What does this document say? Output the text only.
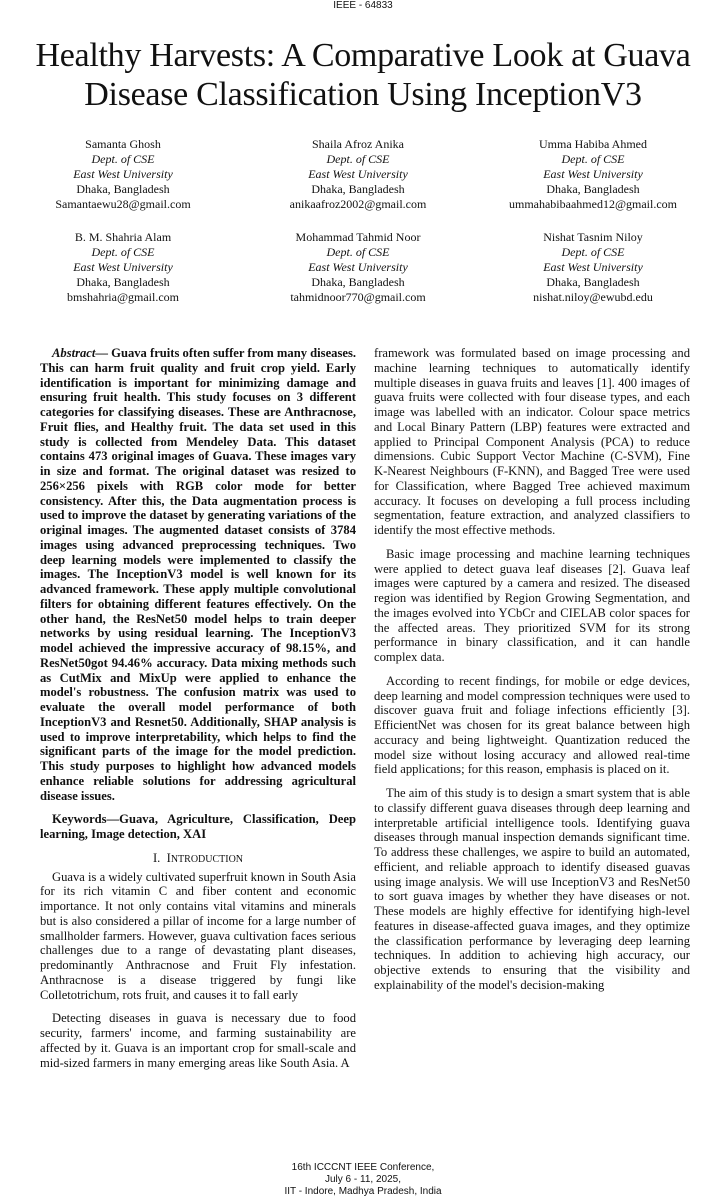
IEEE - 64833
Healthy Harvests: A Comparative Look at Guava Disease Classification Using InceptionV3
Samanta Ghosh
Dept. of CSE
East West University
Dhaka, Bangladesh
Samantaewu28@gmail.com
Shaila Afroz Anika
Dept. of CSE
East West University
Dhaka, Bangladesh
anikaafroz2002@gmail.com
Umma Habiba Ahmed
Dept. of CSE
East West University
Dhaka, Bangladesh
ummahabibaahmed12@gmail.com
B. M. Shahria Alam
Dept. of CSE
East West University
Dhaka, Bangladesh
bmshahria@gmail.com
Mohammad Tahmid Noor
Dept. of CSE
East West University
Dhaka, Bangladesh
tahmidnoor770@gmail.com
Nishat Tasnim Niloy
Dept. of CSE
East West University
Dhaka, Bangladesh
nishat.niloy@ewubd.edu

Abstract— Guava fruits often suffer from many diseases. This can harm fruit quality and fruit crop yield. Early identification is important for minimizing damage and ensuring fruit health. This study focuses on 3 different categories for classifying diseases. These are Anthracnose, Fruit flies, and Healthy fruit. The data set used in this study is collected from Mendeley Data. This dataset contains 473 original images of Guava. These images vary in size and format. The original dataset was resized to 256×256 pixels with RGB color mode for better consistency. After this, the Data augmentation process is used to improve the dataset by generating variations of the original images. The augmented dataset consists of 3784 images using advanced preprocessing techniques. Two deep learning models were implemented to classify the images. The InceptionV3 model is well known for its advanced framework. These apply multiple convolutional filters for obtaining different features effectively. On the other hand, the ResNet50 model helps to train deeper networks by using residual learning. The InceptionV3 model achieved the impressive accuracy of 98.15%, and ResNet50got 94.46% accuracy. Data mixing methods such as CutMix and MixUp were applied to enhance the model's robustness. The confusion matrix was used to evaluate the overall model performance of both InceptionV3 and Resnet50. Additionally, SHAP analysis is used to improve interpretability, which helps to find the significant parts of the image for the model prediction. This study purposes to highlight how advanced models enhance reliable solutions for addressing agricultural disease issues.

Keywords—Guava, Agriculture, Classification, Deep learning, Image detection, XAI

I. INTRODUCTION

Guava is a widely cultivated superfruit known in South Asia for its rich vitamin C and fiber content and economic importance. It not only contains vital vitamins and minerals but is also considered a pillar of income for a large number of smallholder farmers. However, guava cultivation faces serious challenges due to a range of devastating plant diseases, predominantly Anthracnose and Fruit Fly infestation. Anthracnose is a disease triggered by fungi like Colletotrichum, rots fruit, and causes it to fall early

Detecting diseases in guava is necessary due to food security, farmers' income, and farming sustainability are affected by it. Guava is an important crop for small-scale and mid-sized farmers in many emerging areas like South Asia. A

framework was formulated based on image processing and machine learning techniques to automatically identify multiple diseases in guava fruits and leaves [1]. 400 images of guava fruits were collected with four disease types, and each image was labelled with an indicator. Colour space metrics and Local Binary Pattern (LBP) features were extracted and applied to Principal Component Analysis (PCA) to reduce dimensions. Cubic Support Vector Machine (C-SVM), Fine K-Nearest Neighbours (F-KNN), and Bagged Tree were used for Classification, where Bagged Tree achieved maximum accuracy. It focuses on developing a full process including segmentation, feature extraction, and analyzed classifiers to identify the most effective methods.

Basic image processing and machine learning techniques were applied to detect guava leaf diseases [2]. Guava leaf images were captured by a camera and resized. The diseased region was identified by Region Growing Segmentation, and the images evolved into YCbCr and CIELAB color spaces for the affected areas. They prioritized SVM for its strong performance in binary classification, and it can handle complex data.

According to recent findings, for mobile or edge devices, deep learning and model compression techniques were used to discover guava fruit and foliage infections efficiently [3]. EfficientNet was chosen for its great balance between high accuracy and being lightweight. Quantization reduced the model size without losing accuracy and allowed real-time field applications; for this reason, emphasis is placed on it.

The aim of this study is to design a smart system that is able to classify different guava diseases through deep learning and interpretable artificial intelligence tools. Identifying guava diseases through manual inspection demands significant time. To address these challenges, we aspire to build an automated, efficient, and reliable approach to identify diseased guavas using image analysis. We will use InceptionV3 and ResNet50 to sort guava images by whether they have diseases or not. These models are highly effective for identifying high-level features in disease-affected guava images, and they optimize the classification performance by leveraging deep learning techniques. In addition to achieving high accuracy, our objective extends to ensuring that the visibility and explainability of the model's decision-making

16th ICCCNT IEEE Conference,
July 6 - 11, 2025,
IIT - Indore, Madhya Pradesh, India
